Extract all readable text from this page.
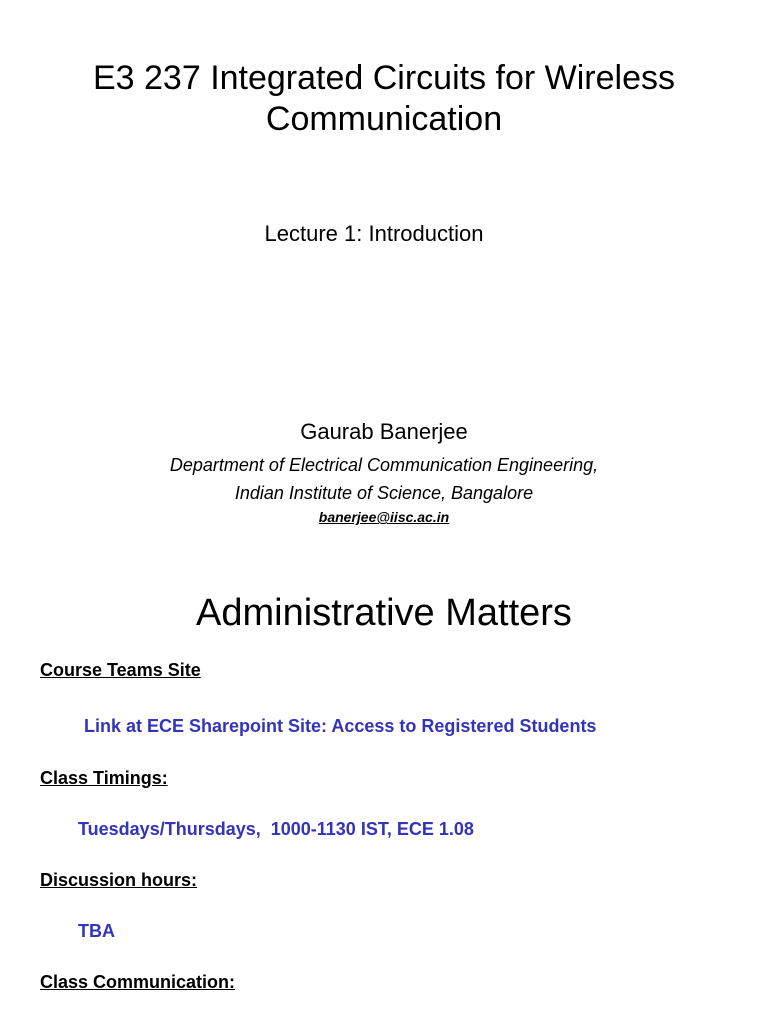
E3 237 Integrated Circuits for Wireless
Communication

Lecture 1: Introduction

Gaurab Banerjee

Department of Electrical Communication Engineering,
Indian Institute of Science, Bangalore

banerjee@iisc.ac.in
Administrative Matters

Course Teams Site

Link at ECE Sharepoint Site: Access to Registered Students

Class Timings:

Tuesdays/Thursdays,  1000-1130 IST, ECE 1.08

Discussion hours:

TBA

Class Communication:
